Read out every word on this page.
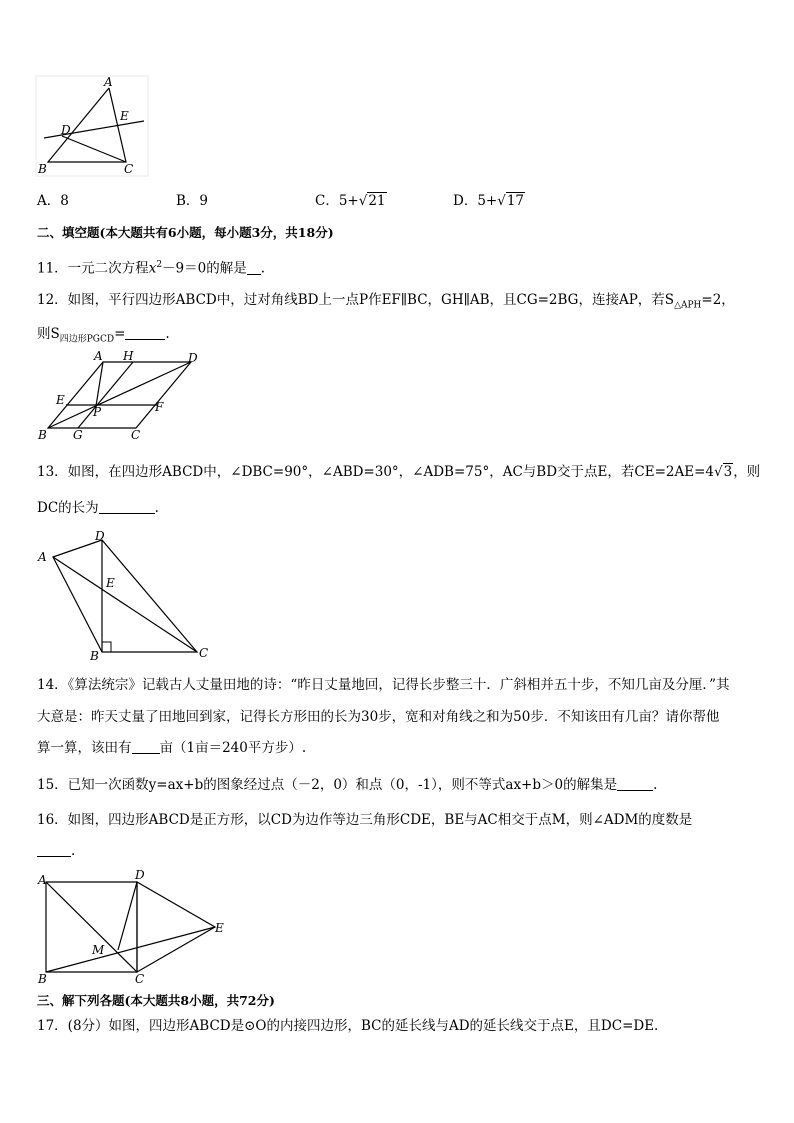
A
E
D
B	C
A．8	B．9	C．5+√21	D．5+√17
二、填空题(本大题共有6小题，每小题3分，共18分)
11．一元二次方程$x^2-9=0$的解是 .
12．如图，平行四边形ABCD中，过对角线BD上一点P作EF∥BC，GH∥AB，且CG=2BG，连接AP，若$S_{\triangle APH}=2$，
则$S_{四边形PGCD}=$	.
A H	D
E
P	F
B G	C
13．如图，在四边形ABCD中，∠DBC=90°，∠ABD=30°，∠ADB=75°，AC与BD交于点E，若CE=2AE=4√3，则
DC的长为	.
A
D
E
B	C
14．《算法统宗》记载古人丈量田地的诗：“昨日丈量地回，记得长步整三十．广斜相并五十步，不知几亩及分厘．”其
大意是：昨天丈量了田地回到家，记得长方形田的长为30步，宽和对角线之和为50步．不知该田有几亩？请你帮他
算一算，该田有 亩（1亩＝240平方步）.
15．已知一次函数y=ax+b的图象经过点（－2，0）和点（0，-1），则不等式ax+b＞0的解集是	.
16．如图，四边形ABCD是正方形，以CD为边作等边三角形CDE，BE与AC相交于点M，则∠ADM的度数是
.
A	D
E
M
B	C
三、解下列各题(本大题共8小题，共72分)
17．(8分）如图，四边形ABCD是⊙O的内接四边形，BC的延长线与AD的延长线交于点E，且DC=DE.
